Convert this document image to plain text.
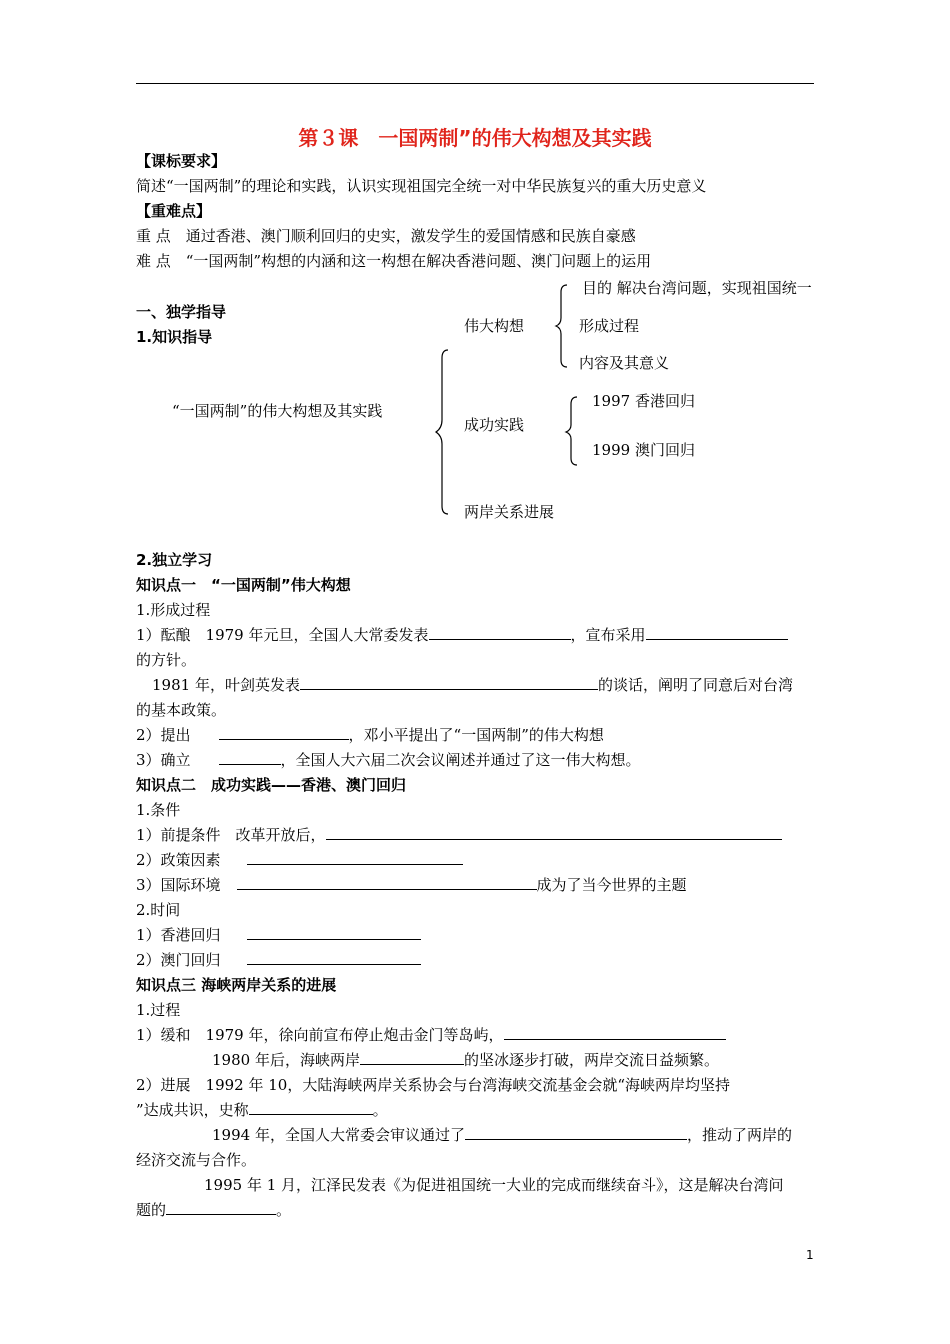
第３课　一国两制”的伟大构想及其实践
【课标要求】
简述“一国两制”的理论和实践，认识实现祖国完全统一对中华民族复兴的重大历史意义
【重难点】
重 点　通过香港、澳门顺利回归的史实，激发学生的爱国情感和民族自豪感
难 点　“一国两制”构想的内涵和这一构想在解决香港问题、澳门问题上的运用
一、独学指导
1.知识指导
“一国两制”的伟大构想及其实践
伟大构想
目的 解决台湾问题，实现祖国统一
形成过程
内容及其意义
成功实践
1997 香港回归
1999 澳门回归
两岸关系进展
2.独立学习
知识点一　“一国两制”伟大构想
1.形成过程
1）酝酿　1979 年元旦，全国人大常委发表	，宣布采用
的方针。
1981 年，叶剑英发表	的谈话，阐明了同意后对台湾
的基本政策。
2）提出	，邓小平提出了“一国两制”的伟大构想
3）确立	，全国人大六届二次会议阐述并通过了这一伟大构想。
知识点二　成功实践——香港、澳门回归
1.条件
1）前提条件　改革开放后，
2）政策因素
3）国际环境	成为了当今世界的主题
2.时间
1）香港回归
2）澳门回归
知识点三 海峡两岸关系的进展
1.过程
1）缓和　1979 年，徐向前宣布停止炮击金门等岛屿，
1980 年后，海峡两岸	的坚冰逐步打破，两岸交流日益频繁。
2）进展　1992 年 10，大陆海峡两岸关系协会与台湾海峡交流基金会就“海峡两岸均坚持
”达成共识，史称	。
1994 年，全国人大常委会审议通过了	，推动了两岸的
经济交流与合作。
1995 年 1 月，江泽民发表《为促进祖国统一大业的完成而继续奋斗》，这是解决台湾问
题的	。
1
